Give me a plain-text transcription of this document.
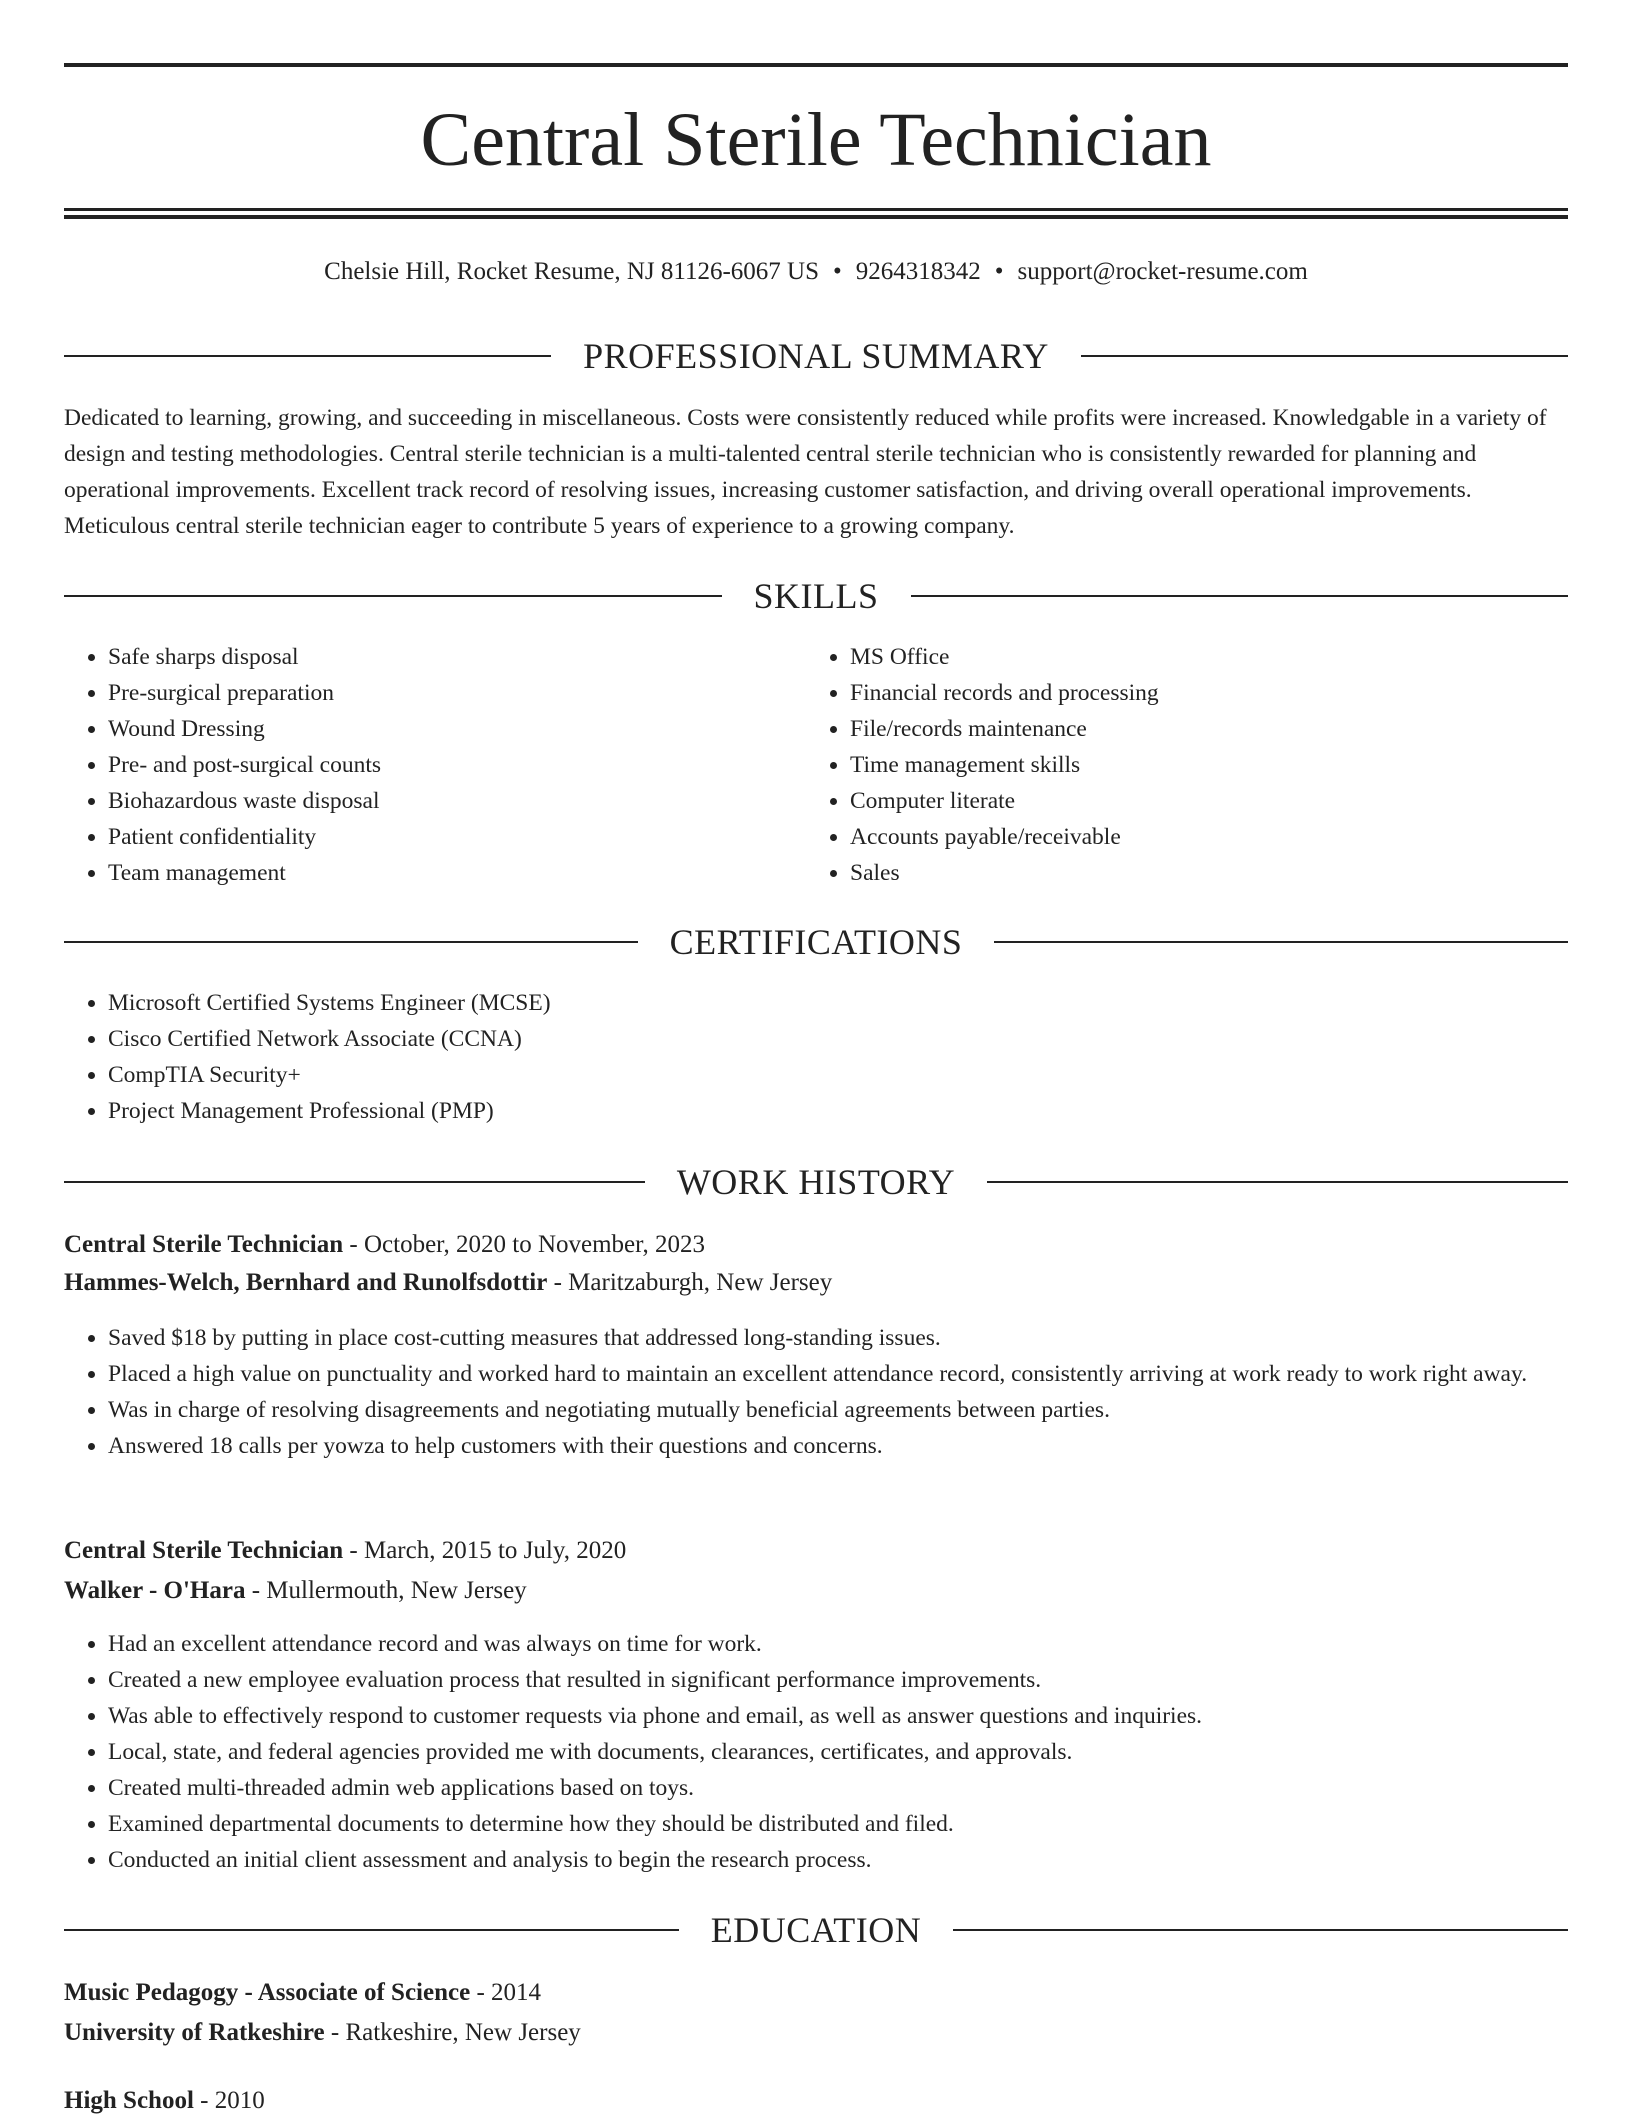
Central Sterile Technician
Chelsie Hill, Rocket Resume, NJ 81126-6067 US • 9264318342 • support@rocket-resume.com
PROFESSIONAL SUMMARY
Dedicated to learning, growing, and succeeding in miscellaneous. Costs were consistently reduced while profits were increased. Knowledgable in a variety of design and testing methodologies. Central sterile technician is a multi-talented central sterile technician who is consistently rewarded for planning and operational improvements. Excellent track record of resolving issues, increasing customer satisfaction, and driving overall operational improvements. Meticulous central sterile technician eager to contribute 5 years of experience to a growing company.
SKILLS
• Safe sharps disposal
• Pre-surgical preparation
• Wound Dressing
• Pre- and post-surgical counts
• Biohazardous waste disposal
• Patient confidentiality
• Team management
• MS Office
• Financial records and processing
• File/records maintenance
• Time management skills
• Computer literate
• Accounts payable/receivable
• Sales
CERTIFICATIONS
• Microsoft Certified Systems Engineer (MCSE)
• Cisco Certified Network Associate (CCNA)
• CompTIA Security+
• Project Management Professional (PMP)
WORK HISTORY
Central Sterile Technician - October, 2020 to November, 2023
Hammes-Welch, Bernhard and Runolfsdottir - Maritzaburgh, New Jersey
• Saved $18 by putting in place cost-cutting measures that addressed long-standing issues.
• Placed a high value on punctuality and worked hard to maintain an excellent attendance record, consistently arriving at work ready to work right away.
• Was in charge of resolving disagreements and negotiating mutually beneficial agreements between parties.
• Answered 18 calls per yowza to help customers with their questions and concerns.
Central Sterile Technician - March, 2015 to July, 2020
Walker - O'Hara - Mullermouth, New Jersey
• Had an excellent attendance record and was always on time for work.
• Created a new employee evaluation process that resulted in significant performance improvements.
• Was able to effectively respond to customer requests via phone and email, as well as answer questions and inquiries.
• Local, state, and federal agencies provided me with documents, clearances, certificates, and approvals.
• Created multi-threaded admin web applications based on toys.
• Examined departmental documents to determine how they should be distributed and filed.
• Conducted an initial client assessment and analysis to begin the research process.
EDUCATION
Music Pedagogy - Associate of Science - 2014
University of Ratkeshire - Ratkeshire, New Jersey
High School - 2010
